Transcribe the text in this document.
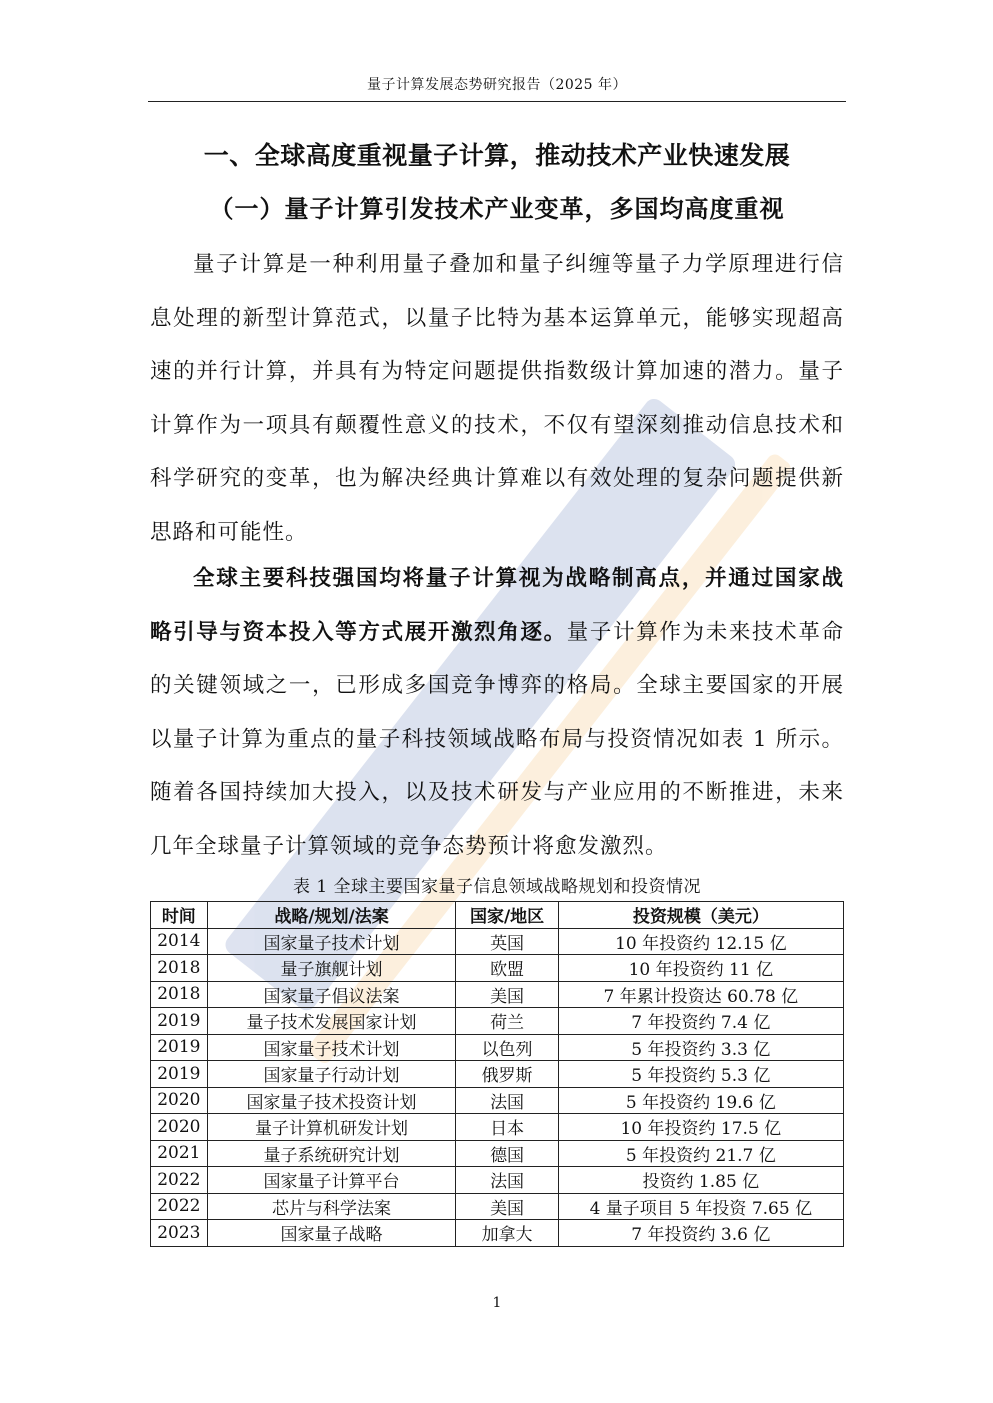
量子计算发展态势研究报告（2025 年）
一、全球高度重视量子计算，推动技术产业快速发展
（一）量子计算引发技术产业变革，多国均高度重视

量子计算是一种利用量子叠加和量子纠缠等量子力学原理进行信息处理的新型计算范式，以量子比特为基本运算单元，能够实现超高速的并行计算，并具有为特定问题提供指数级计算加速的潜力。量子计算作为一项具有颠覆性意义的技术，不仅有望深刻推动信息技术和科学研究的变革，也为解决经典计算难以有效处理的复杂问题提供新思路和可能性。

全球主要科技强国均将量子计算视为战略制高点，并通过国家战略引导与资本投入等方式展开激烈角逐。量子计算作为未来技术革命的关键领域之一，已形成多国竞争博弈的格局。全球主要国家的开展以量子计算为重点的量子科技领域战略布局与投资情况如表 1 所示。随着各国持续加大投入，以及技术研发与产业应用的不断推进，未来几年全球量子计算领域的竞争态势预计将愈发激烈。

表 1 全球主要国家量子信息领域战略规划和投资情况
时间	战略/规划/法案	国家/地区	投资规模（美元）
2014	国家量子技术计划	英国	10 年投资约 12.15 亿
2018	量子旗舰计划	欧盟	10 年投资约 11 亿
2018	国家量子倡议法案	美国	7 年累计投资达 60.78 亿
2019	量子技术发展国家计划	荷兰	7 年投资约 7.4 亿
2019	国家量子技术计划	以色列	5 年投资约 3.3 亿
2019	国家量子行动计划	俄罗斯	5 年投资约 5.3 亿
2020	国家量子技术投资计划	法国	5 年投资约 19.6 亿
2020	量子计算机研发计划	日本	10 年投资约 17.5 亿
2021	量子系统研究计划	德国	5 年投资约 21.7 亿
2022	国家量子计算平台	法国	投资约 1.85 亿
2022	芯片与科学法案	美国	4 量子项目 5 年投资 7.65 亿
2023	国家量子战略	加拿大	7 年投资约 3.6 亿
1
